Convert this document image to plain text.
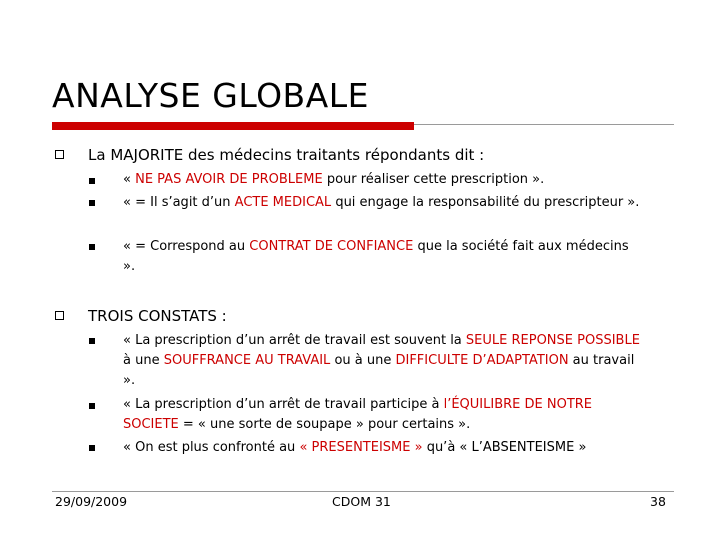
ANALYSE GLOBALE
La MAJORITE des médecins traitants répondants dit :
« NE PAS AVOIR DE PROBLEME pour réaliser cette prescription ».
« = Il s’agit d’un ACTE MEDICAL qui engage la responsabilité du prescripteur ».
« = Correspond au CONTRAT DE CONFIANCE que la société fait aux médecins ».
TROIS CONSTATS :
« La prescription d’un arrêt de travail est souvent la SEULE REPONSE POSSIBLE à une SOUFFRANCE AU TRAVAIL ou à une DIFFICULTE D’ADAPTATION au travail ».
« La prescription d’un arrêt de travail participe à l’ÉQUILIBRE DE NOTRE SOCIETE = « une sorte de soupape » pour certains ».
« On est plus confronté au « PRESENTEISME » qu’à « L’ABSENTEISME »
29/09/2009	CDOM 31	38
